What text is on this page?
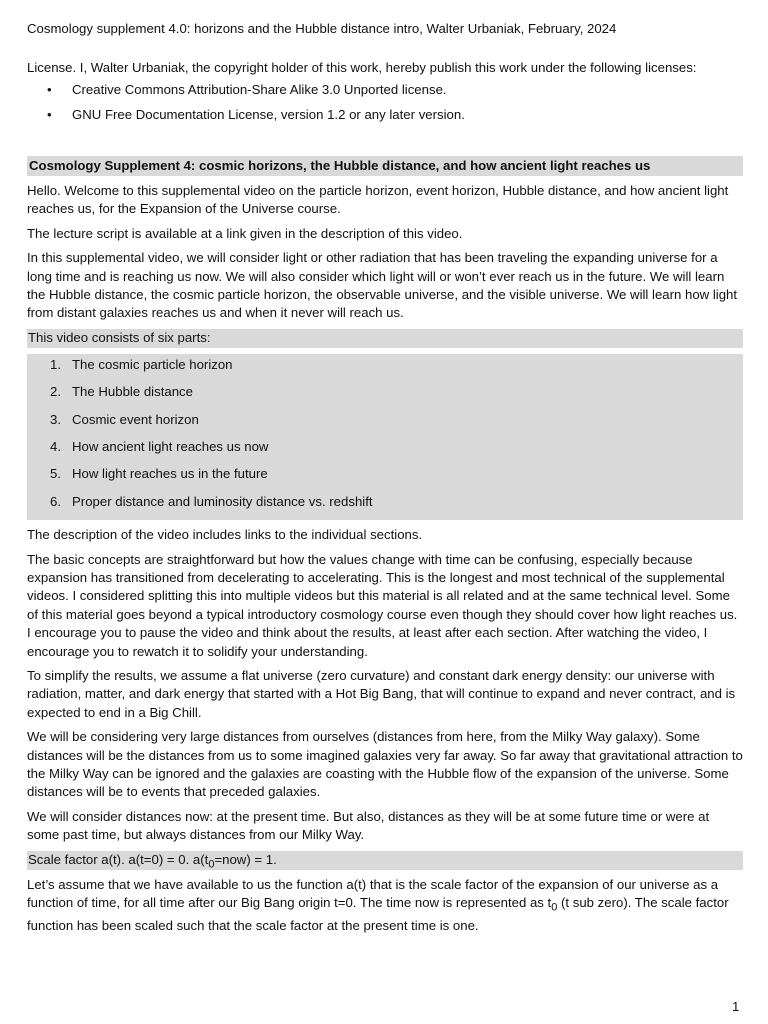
Cosmology supplement 4.0: horizons and the Hubble distance intro, Walter Urbaniak, February, 2024

License. I, Walter Urbaniak, the copyright holder of this work, hereby publish this work under the following licenses:

• Creative Commons Attribution-Share Alike 3.0 Unported license.
• GNU Free Documentation License, version 1.2 or any later version.

Cosmology Supplement 4: cosmic horizons, the Hubble distance, and how ancient light reaches us

Hello. Welcome to this supplemental video on the particle horizon, event horizon, Hubble distance, and how ancient light reaches us, for the Expansion of the Universe course.

The lecture script is available at a link given in the description of this video.

In this supplemental video, we will consider light or other radiation that has been traveling the expanding universe for a long time and is reaching us now. We will also consider which light will or won’t ever reach us in the future. We will learn the Hubble distance, the cosmic particle horizon, the observable universe, and the visible universe. We will learn how light from distant galaxies reaches us and when it never will reach us.

This video consists of six parts:

1. The cosmic particle horizon
2. The Hubble distance
3. Cosmic event horizon
4. How ancient light reaches us now
5. How light reaches us in the future
6. Proper distance and luminosity distance vs. redshift

The description of the video includes links to the individual sections.

The basic concepts are straightforward but how the values change with time can be confusing, especially because expansion has transitioned from decelerating to accelerating. This is the longest and most technical of the supplemental videos. I considered splitting this into multiple videos but this material is all related and at the same technical level. Some of this material goes beyond a typical introductory cosmology course even though they should cover how light reaches us. I encourage you to pause the video and think about the results, at least after each section. After watching the video, I encourage you to rewatch it to solidify your understanding.

To simplify the results, we assume a flat universe (zero curvature) and constant dark energy density: our universe with radiation, matter, and dark energy that started with a Hot Big Bang, that will continue to expand and never contract, and is expected to end in a Big Chill.

We will be considering very large distances from ourselves (distances from here, from the Milky Way galaxy). Some distances will be the distances from us to some imagined galaxies very far away. So far away that gravitational attraction to the Milky Way can be ignored and the galaxies are coasting with the Hubble flow of the expansion of the universe. Some distances will be to events that preceded galaxies.

We will consider distances now: at the present time. But also, distances as they will be at some future time or were at some past time, but always distances from our Milky Way.

Scale factor a(t). a(t=0) = 0. $a(t_0=now) = 1$.

Let’s assume that we have available to us the function a(t) that is the scale factor of the expansion of our universe as a function of time, for all time after our Big Bang origin t=0. The time now is represented as $t_0$ (t sub zero). The scale factor function has been scaled such that the scale factor at the present time is one.

1
